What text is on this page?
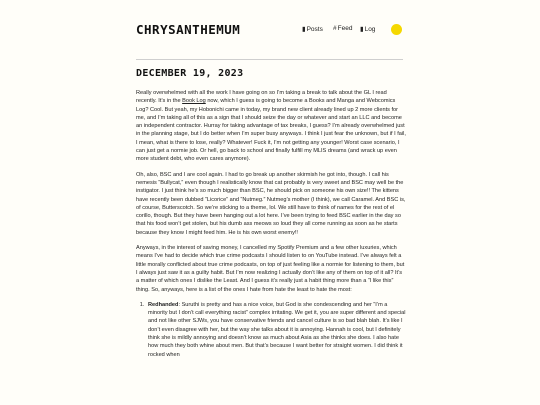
CHRYSANTHEMUM	▮Posts #Feed ▮Log
DECEMBER 19, 2023

Really overwhelmed with all the work I have going on so I’m taking a break to talk about the GL I read recently. It’s in the Book Log now, which I guess is going to become a Books and Manga and Webcomics Log? Cool. But yeah, my Hobonichi came in today, my brand new client already lined up 2 more clients for me, and I’m taking all of this as a sign that I should seize the day or whatever and start an LLC and become an independent contractor. Hurray for taking advantage of tax breaks, I guess? I’m already overwhelmed just in the planning stage, but I do better when I’m super busy anyways. I think I just fear the unknown, but if I fail, I mean, what is there to lose, really? Whatever! Fuck it, I’m not getting any younger! Worst case scenario, I can just get a normie job. Or hell, go back to school and finally fulfill my MLIS dreams (and wrack up even more student debt, who even cares anymore).

Oh, also, BSC and I are cool again. I had to go break up another skirmish he got into, though. I call his nemesis “Bullycat,” even though I realistically know that cat probably is very sweet and BSC may well be the instigator. I just think he’s so much bigger than BSC, he should pick on someone his own size!! The kittens have recently been dubbed “Licorice” and “Nutmeg.” Nutmeg’s mother (I think), we call Caramel. And BSC is, of course, Butterscotch. So we’re sticking to a theme, lol. We still have to think of names for the rest of el corillo, though. But they have been hanging out a lot here. I’ve been trying to feed BSC earlier in the day so that his food won’t get stolen, but his dumb ass meows so loud they all come running as soon as he starts because they know I might feed him. He is his own worst enemy!!

Anyways, in the interest of saving money, I cancelled my Spotify Premium and a few other luxuries, which means I’ve had to decide which true crime podcasts I should listen to on YouTube instead. I’ve always felt a little morally conflicted about true crime podcasts, on top of just feeling like a normie for listening to them, but I always just saw it as a guilty habit. But I’m now realizing I actually don’t like any of them on top of it all? It’s a matter of which ones I dislike the Least. And I guess it’s really just a habit thing more than a “I like this” thing. So, anyways, here is a list of the ones I hate from hate the least to hate the most:

1. Redhanded: Suruthi is pretty and has a nice voice, but God is she condescending and her “I’m a minority but I don’t call everything racist” complex irritating. We get it, you are super different and special and not like other SJWs, you have conservative friends and cancel culture is so bad blah blah. It’s like I don’t even disagree with her, but the way she talks about it is annoying. Hannah is cool, but I definitely think she is mildly annoying and doesn’t know as much about Asia as she thinks she does. I also hate how much they both whine about men. But that’s because I want better for straight women. I did think it rocked when
